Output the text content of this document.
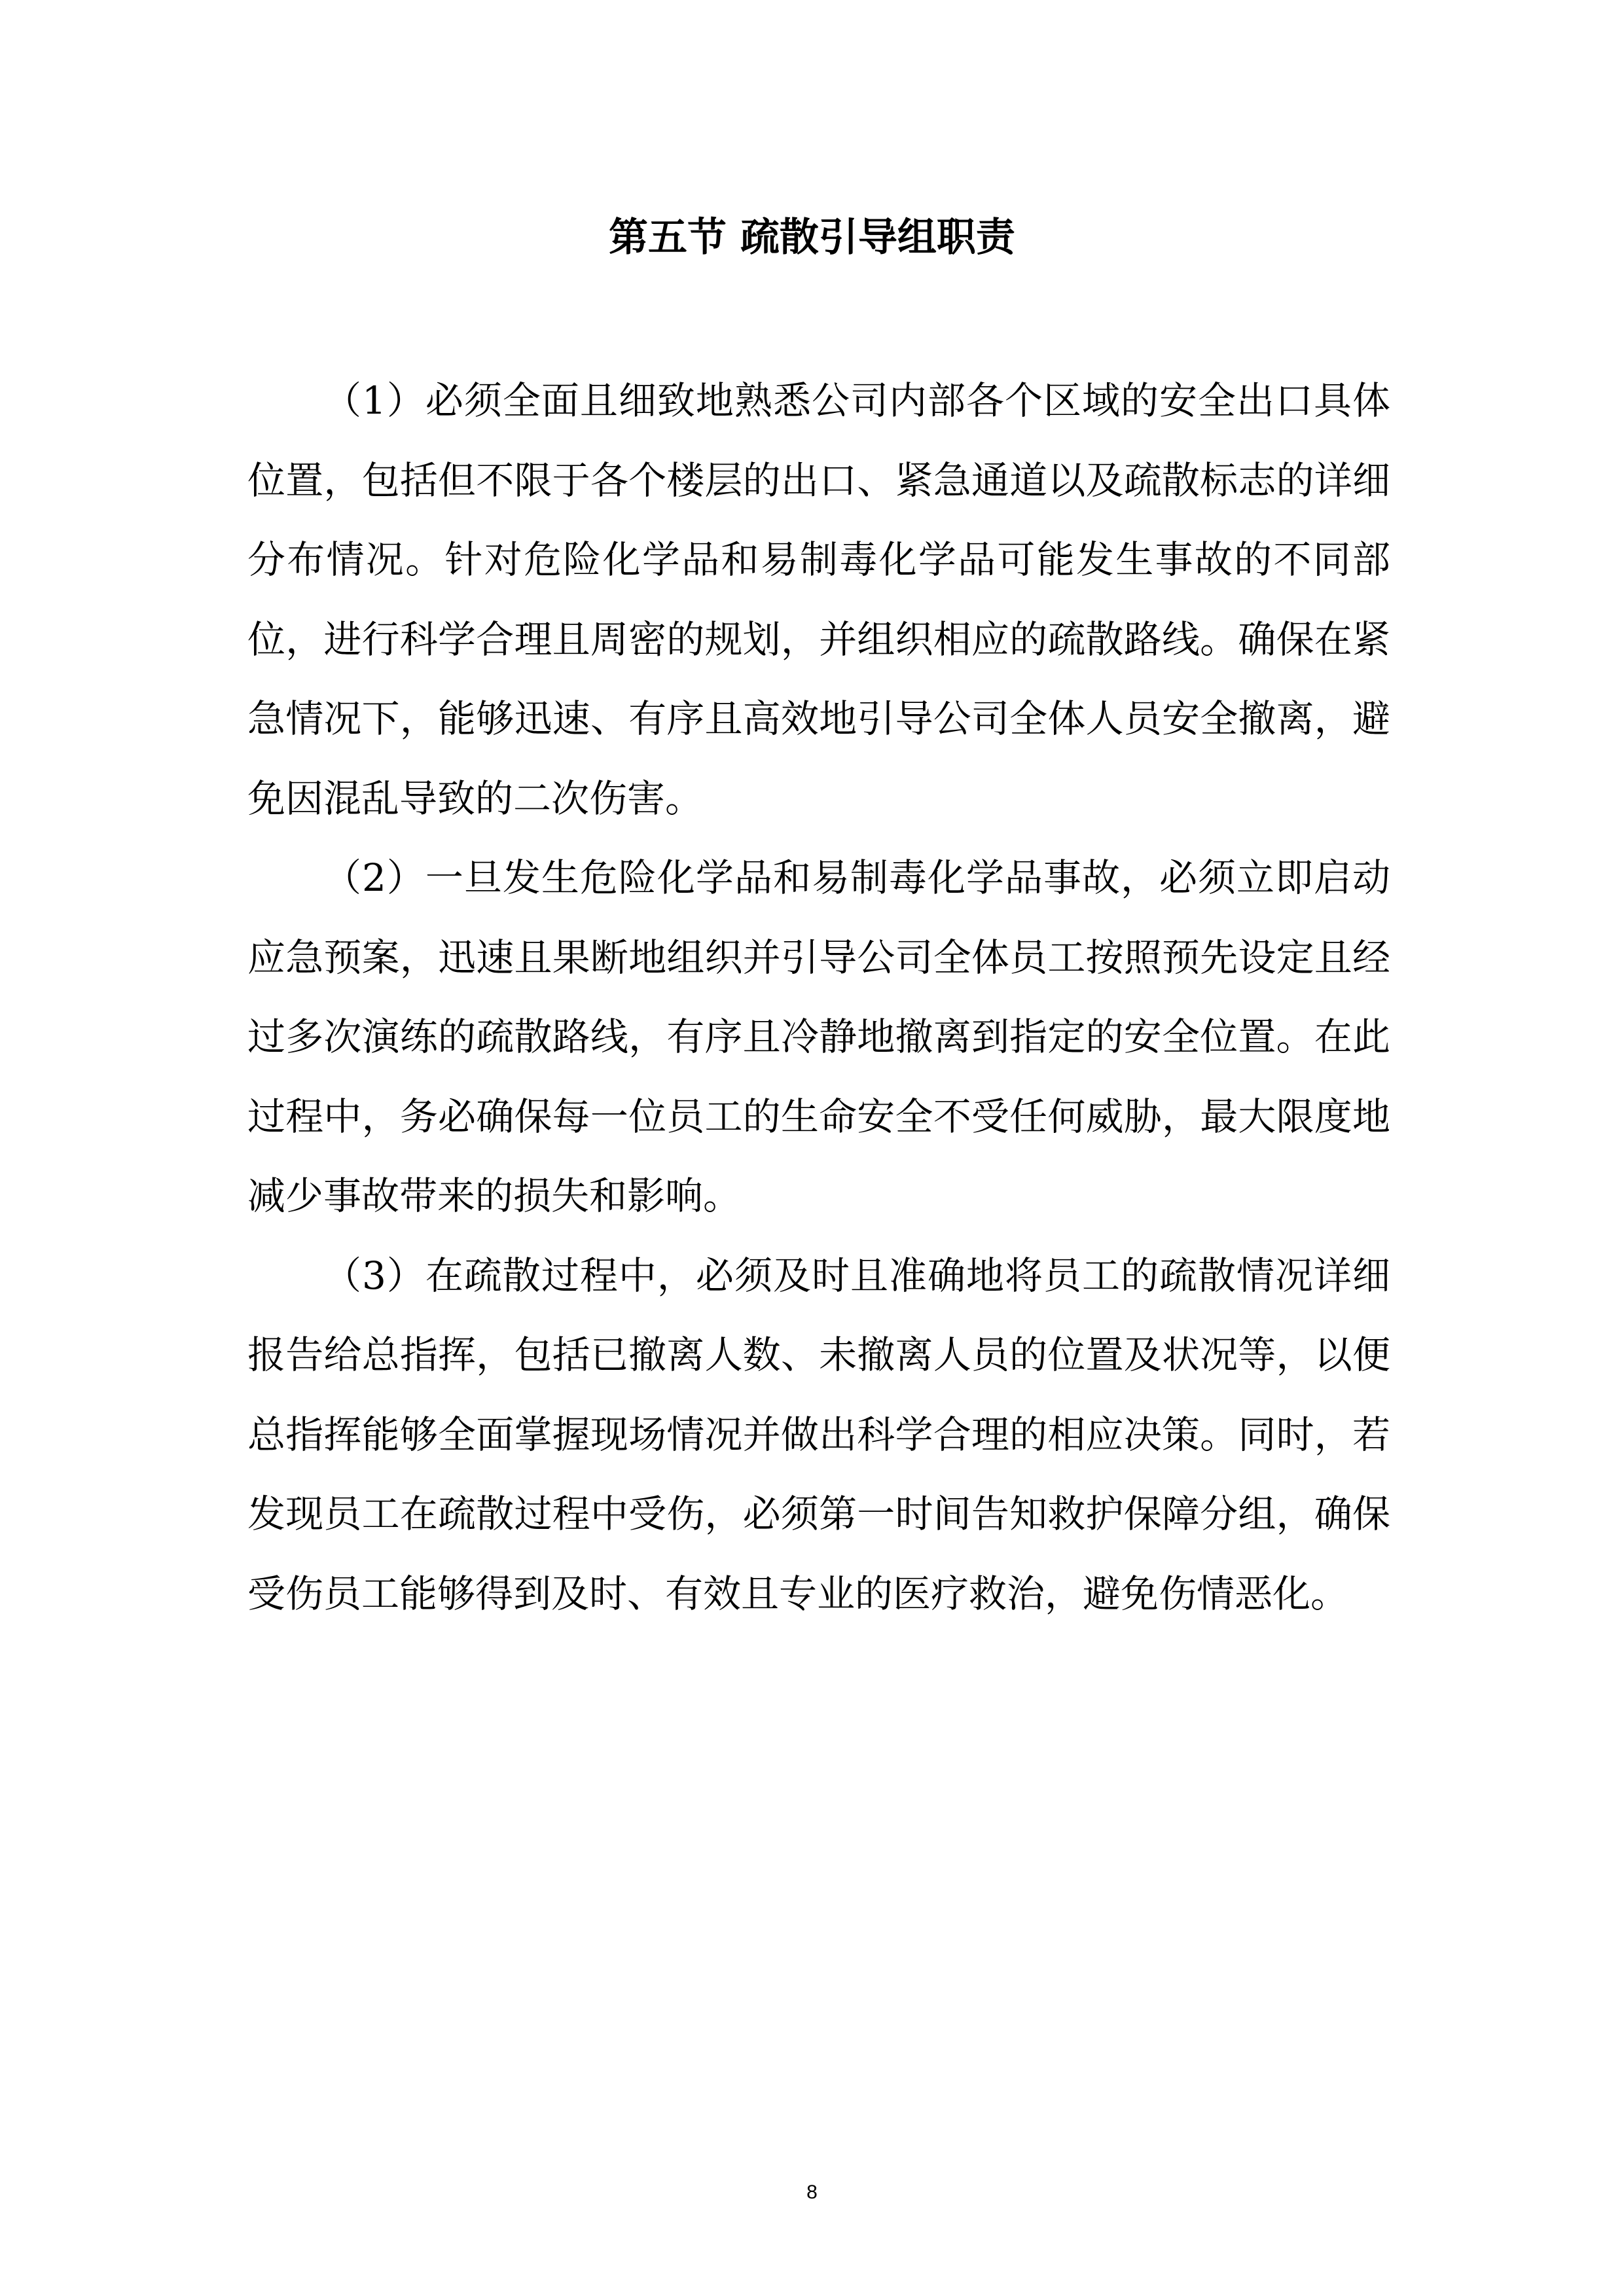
第五节 疏散引导组职责

（1）必须全面且细致地熟悉公司内部各个区域的安全出口具体位置，包括但不限于各个楼层的出口、紧急通道以及疏散标志的详细分布情况。针对危险化学品和易制毒化学品可能发生事故的不同部位，进行科学合理且周密的规划，并组织相应的疏散路线。确保在紧急情况下，能够迅速、有序且高效地引导公司全体人员安全撤离，避免因混乱导致的二次伤害。

（2）一旦发生危险化学品和易制毒化学品事故，必须立即启动应急预案，迅速且果断地组织并引导公司全体员工按照预先设定且经过多次演练的疏散路线，有序且冷静地撤离到指定的安全位置。在此过程中，务必确保每一位员工的生命安全不受任何威胁，最大限度地减少事故带来的损失和影响。

（3）在疏散过程中，必须及时且准确地将员工的疏散情况详细报告给总指挥，包括已撤离人数、未撤离人员的位置及状况等，以便总指挥能够全面掌握现场情况并做出科学合理的相应决策。同时，若发现员工在疏散过程中受伤，必须第一时间告知救护保障分组，确保受伤员工能够得到及时、有效且专业的医疗救治，避免伤情恶化。

8
